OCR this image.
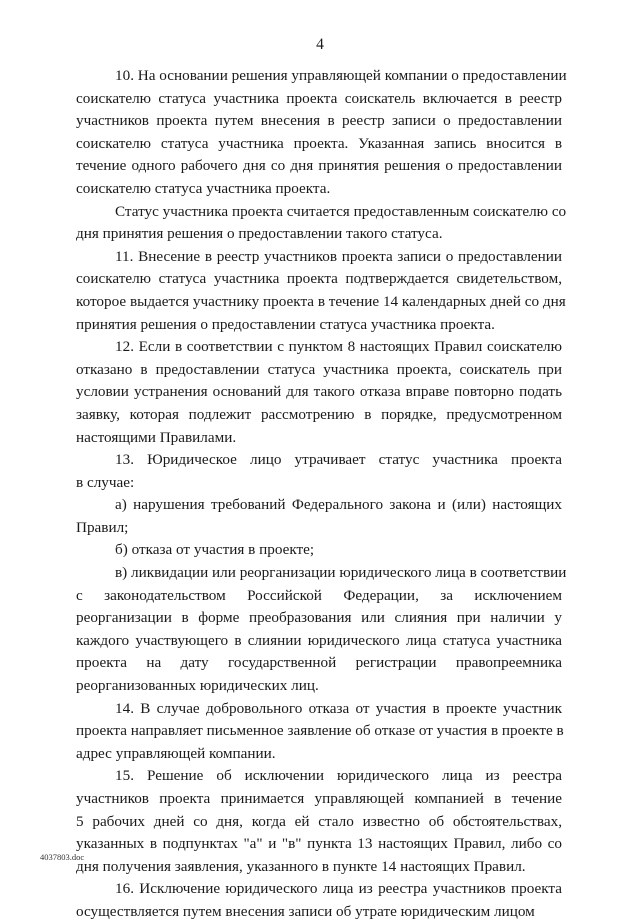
4
10. На основании решения управляющей компании о предоставлении
соискателю статуса участника проекта соискатель включается в реестр
участников проекта путем внесения в реестр записи о предоставлении
соискателю статуса участника проекта. Указанная запись вносится в
течение одного рабочего дня со дня принятия решения о предоставлении
соискателю статуса участника проекта.
Статус участника проекта считается предоставленным соискателю со
дня принятия решения о предоставлении такого статуса.
11. Внесение в реестр участников проекта записи о предоставлении
соискателю статуса участника проекта подтверждается свидетельством,
которое выдается участнику проекта в течение 14 календарных дней со дня
принятия решения о предоставлении статуса участника проекта.
12. Если в соответствии с пунктом 8 настоящих Правил соискателю
отказано в предоставлении статуса участника проекта, соискатель при
условии устранения оснований для такого отказа вправе повторно подать
заявку, которая подлежит рассмотрению в порядке, предусмотренном
настоящими Правилами.
13. Юридическое лицо утрачивает статус участника проекта
в случае:
а) нарушения требований Федерального закона и (или) настоящих
Правил;
б) отказа от участия в проекте;
в) ликвидации или реорганизации юридического лица в соответствии
с законодательством Российской Федерации, за исключением
реорганизации в форме преобразования или слияния при наличии у
каждого участвующего в слиянии юридического лица статуса участника
проекта на дату государственной регистрации правопреемника
реорганизованных юридических лиц.
14. В случае добровольного отказа от участия в проекте участник
проекта направляет письменное заявление об отказе от участия в проекте в
адрес управляющей компании.
15. Решение об исключении юридического лица из реестра
участников проекта принимается управляющей компанией в течение
5 рабочих дней со дня, когда ей стало известно об обстоятельствах,
указанных в подпунктах "а" и "в" пункта 13 настоящих Правил, либо со
дня получения заявления, указанного в пункте 14 настоящих Правил.
16. Исключение юридического лица из реестра участников проекта
осуществляется путем внесения записи об утрате юридическим лицом
4037803.doc
